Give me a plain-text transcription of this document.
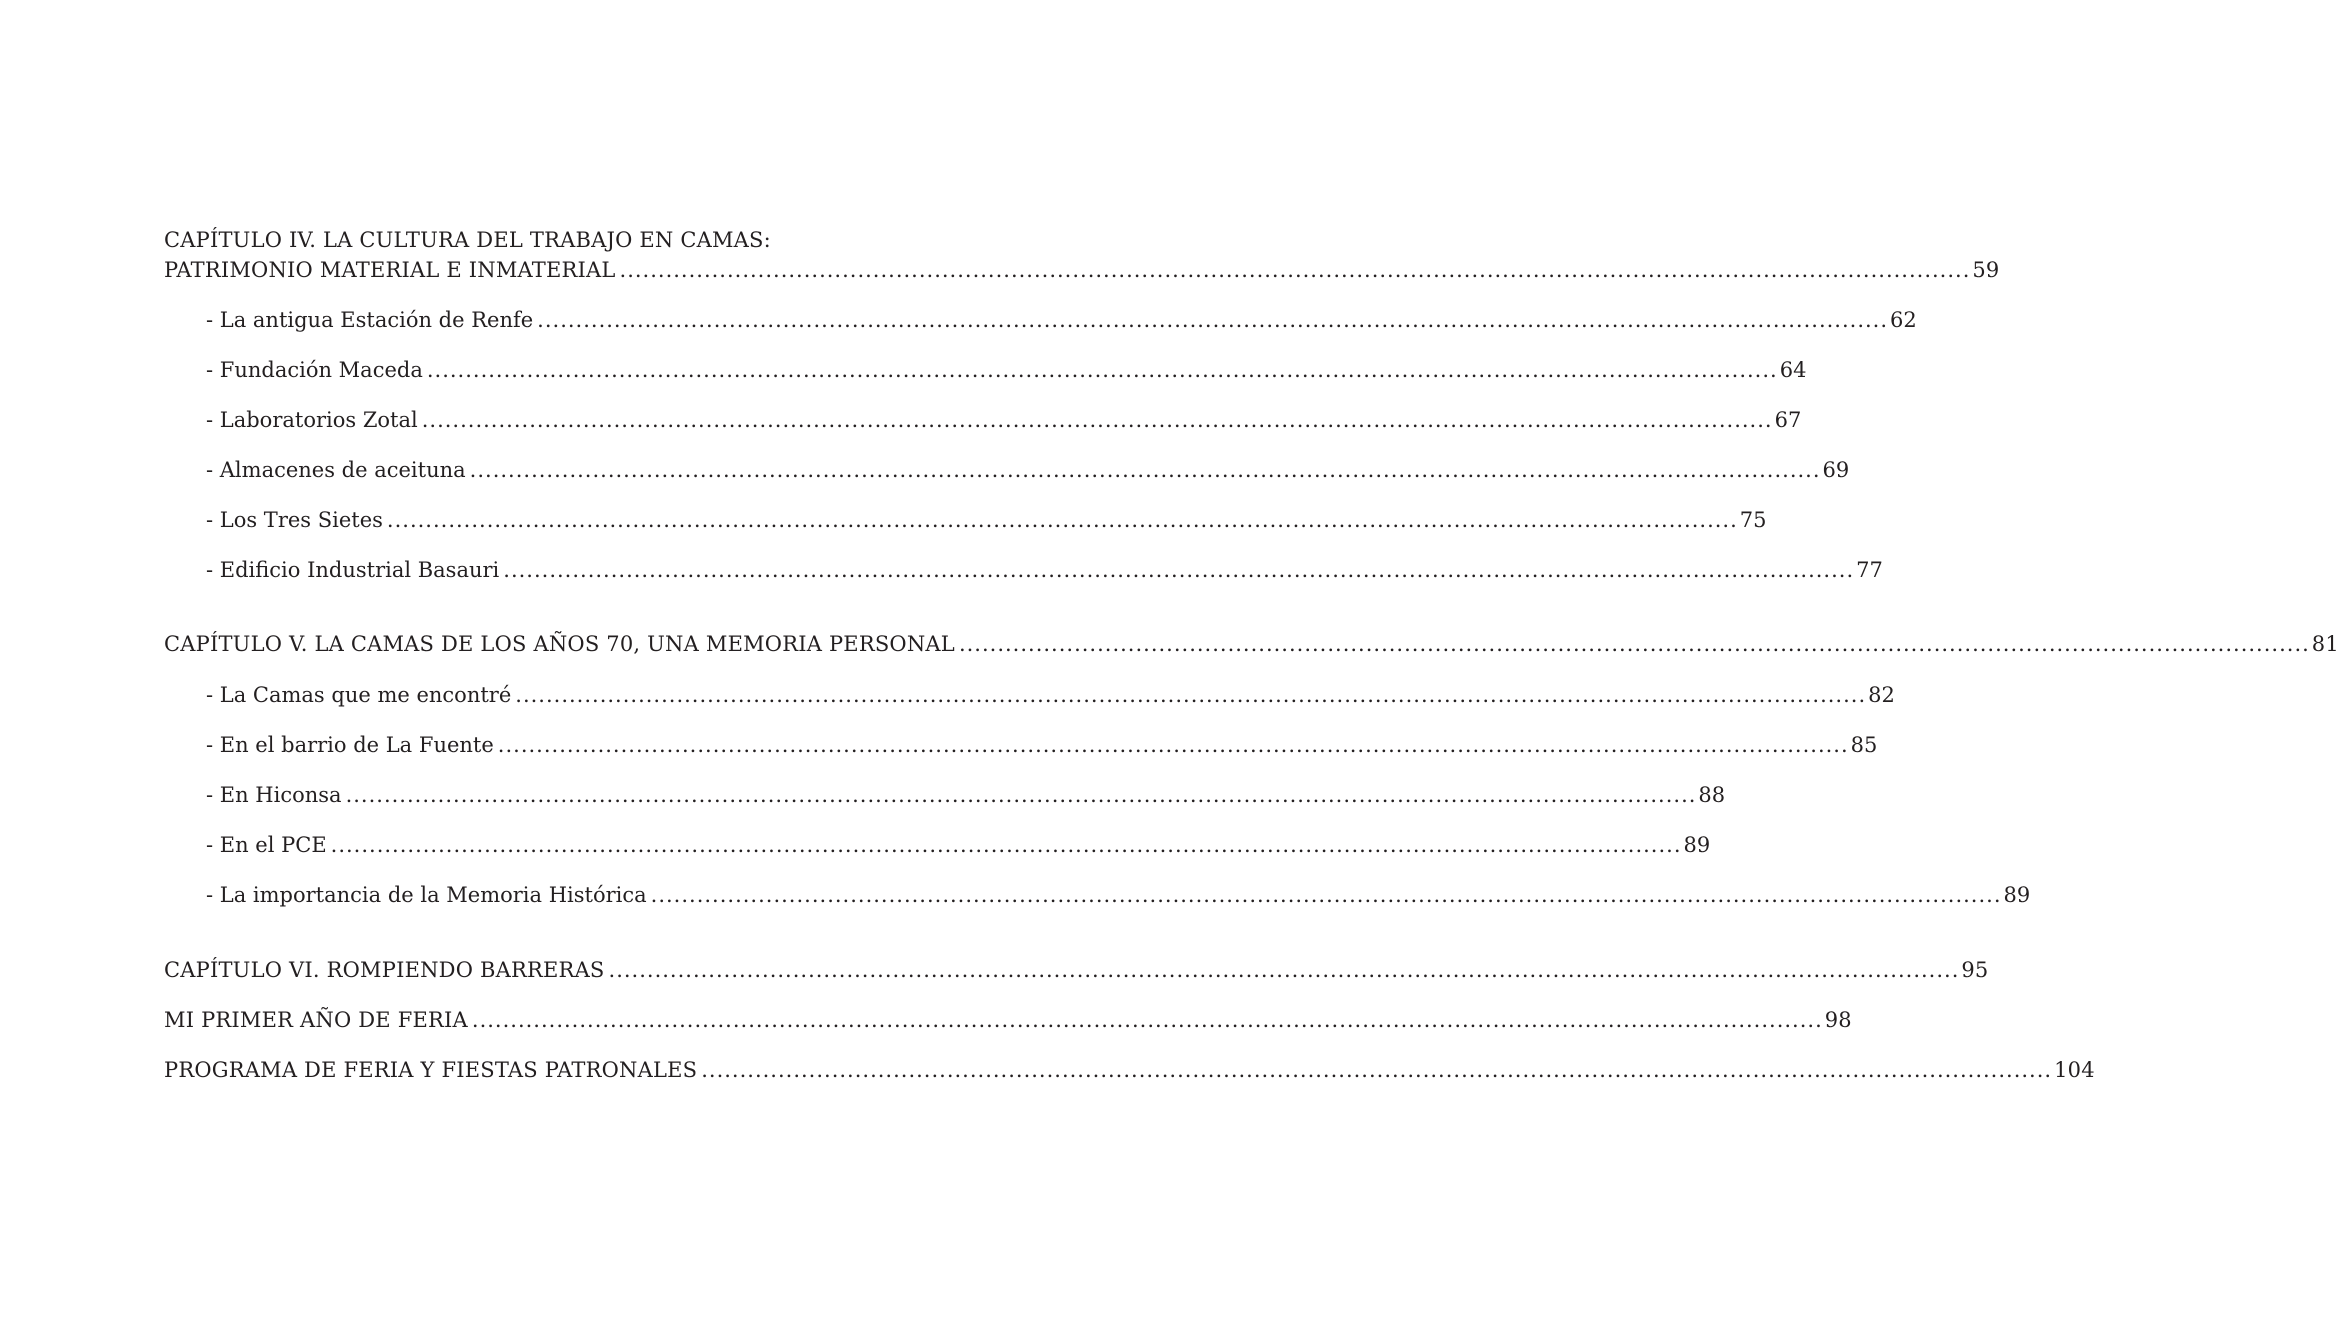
CAPÍTULO IV. LA CULTURA DEL TRABAJO EN CAMAS:
PATRIMONIO MATERIAL E INMATERIAL ................................................................................................................................................................................ 59
- La antigua Estación de Renfe ................................................................................................................................................................................ 62
- Fundación Maceda ................................................................................................................................................................................ 64
- Laboratorios Zotal ................................................................................................................................................................................ 67
- Almacenes de aceituna ................................................................................................................................................................................ 69
- Los Tres Sietes ................................................................................................................................................................................ 75
- Edificio Industrial Basauri ................................................................................................................................................................................ 77
CAPÍTULO V. LA CAMAS DE LOS AÑOS 70, UNA MEMORIA PERSONAL ................................................................................................................................................................................ 81
- La Camas que me encontré ................................................................................................................................................................................ 82
- En el barrio de La Fuente ................................................................................................................................................................................ 85
- En Hiconsa ................................................................................................................................................................................ 88
- En el PCE ................................................................................................................................................................................ 89
- La importancia de la Memoria Histórica ................................................................................................................................................................................ 89
CAPÍTULO VI. ROMPIENDO BARRERAS ................................................................................................................................................................................ 95
MI PRIMER AÑO DE FERIA ................................................................................................................................................................................ 98
PROGRAMA DE FERIA Y FIESTAS PATRONALES ................................................................................................................................................................................ 104
